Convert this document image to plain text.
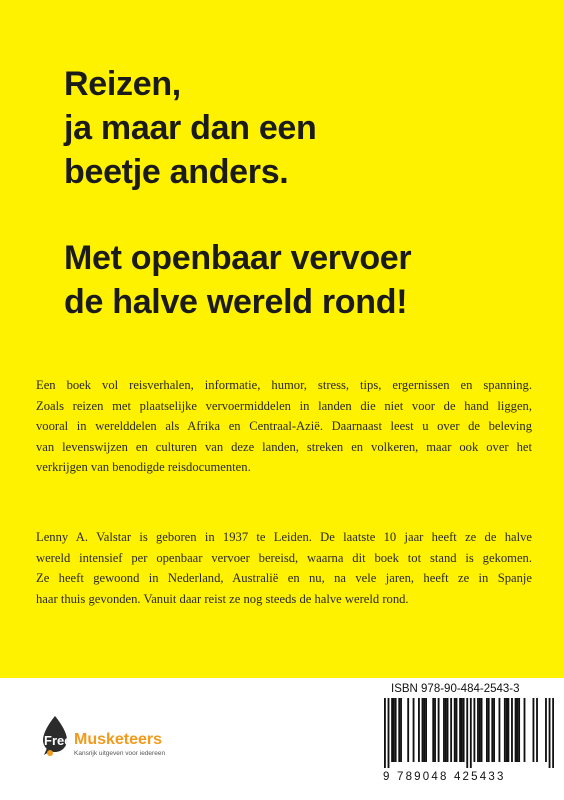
Reizen,
ja maar dan een
beetje anders.
Met openbaar vervoer
de halve wereld rond!

Een boek vol reisverhalen, informatie, humor, stress, tips, ergernissen en spanning.
Zoals reizen met plaatselijke vervoermiddelen in landen die niet voor de hand liggen,
vooral in werelddelen als Afrika en Centraal-Azië. Daarnaast leest u over de beleving
van levenswijzen en culturen van deze landen, streken en volkeren, maar ook over het
verkrijgen van benodigde reisdocumenten.

Lenny A. Valstar is geboren in 1937 te Leiden. De laatste 10 jaar heeft ze de halve
wereld intensief per openbaar vervoer bereisd, waarna dit boek tot stand is gekomen.
Ze heeft gewoond in Nederland, Australië en nu, na vele jaren, heeft ze in Spanje
haar thuis gevonden. Vanuit daar reist ze nog steeds de halve wereld rond.

Free Musketeers
Kansrijk uitgeven voor iedereen
ISBN 978-90-484-2543-3
9 789048 425433
